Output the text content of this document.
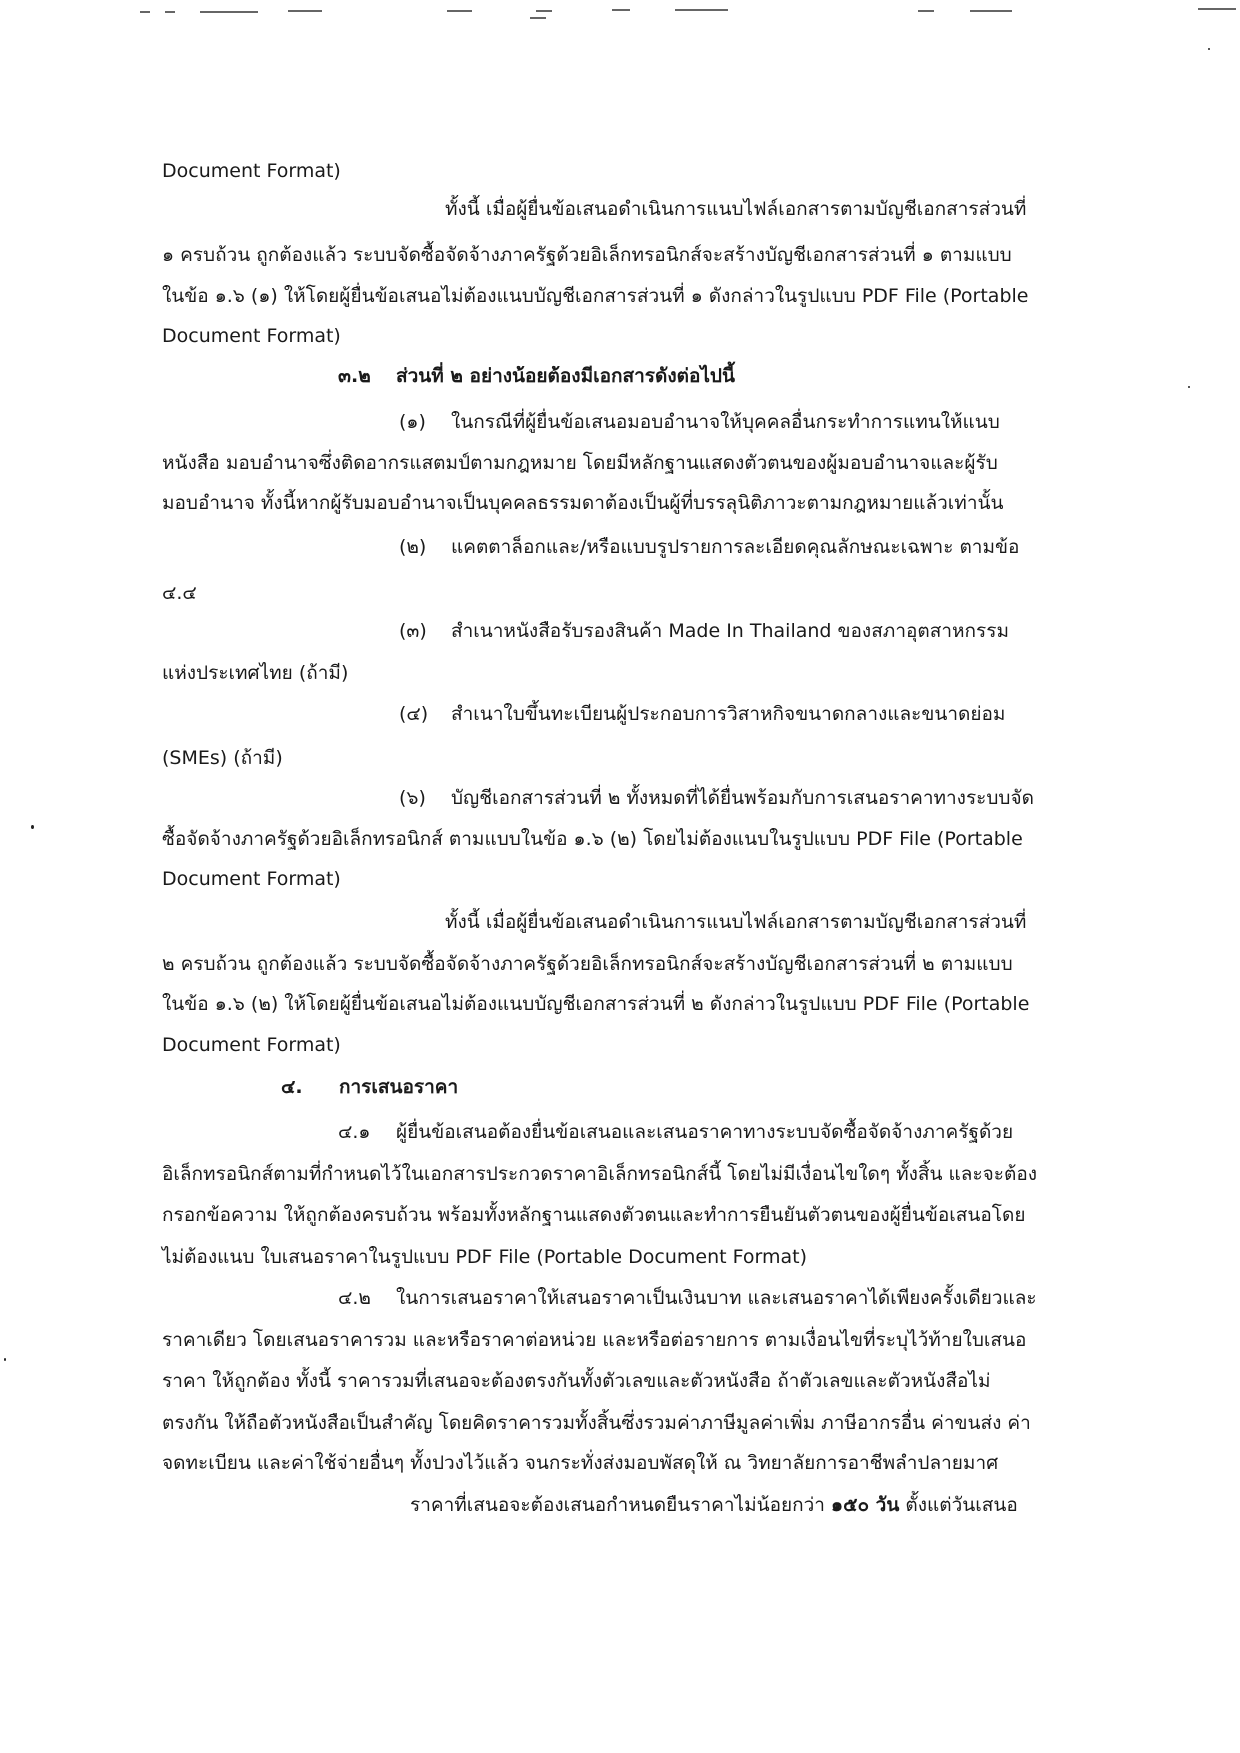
Document Format)
ทั้งนี้ เมื่อผู้ยื่นข้อเสนอดำเนินการแนบไฟล์เอกสารตามบัญชีเอกสารส่วนที่
๑ ครบถ้วน ถูกต้องแล้ว ระบบจัดซื้อจัดจ้างภาครัฐด้วยอิเล็กทรอนิกส์จะสร้างบัญชีเอกสารส่วนที่ ๑ ตามแบบ
ในข้อ ๑.๖ (๑) ให้โดยผู้ยื่นข้อเสนอไม่ต้องแนบบัญชีเอกสารส่วนที่ ๑ ดังกล่าวในรูปแบบ PDF File (Portable
Document Format)
๓.๒ ส่วนที่ ๒ อย่างน้อยต้องมีเอกสารดังต่อไปนี้
(๑) ในกรณีที่ผู้ยื่นข้อเสนอมอบอำนาจให้บุคคลอื่นกระทำการแทนให้แนบ
หนังสือ มอบอำนาจซึ่งติดอากรแสตมป์ตามกฎหมาย โดยมีหลักฐานแสดงตัวตนของผู้มอบอำนาจและผู้รับ
มอบอำนาจ ทั้งนี้หากผู้รับมอบอำนาจเป็นบุคคลธรรมดาต้องเป็นผู้ที่บรรลุนิติภาวะตามกฎหมายแล้วเท่านั้น
(๒) แคตตาล็อกและ/หรือแบบรูปรายการละเอียดคุณลักษณะเฉพาะ ตามข้อ
๔.๔
(๓) สำเนาหนังสือรับรองสินค้า Made In Thailand ของสภาอุตสาหกรรม
แห่งประเทศไทย (ถ้ามี)
(๔) สำเนาใบขึ้นทะเบียนผู้ประกอบการวิสาหกิจขนาดกลางและขนาดย่อม
(SMEs) (ถ้ามี)
(๖) บัญชีเอกสารส่วนที่ ๒ ทั้งหมดที่ได้ยื่นพร้อมกับการเสนอราคาทางระบบจัด
ซื้อจัดจ้างภาครัฐด้วยอิเล็กทรอนิกส์ ตามแบบในข้อ ๑.๖ (๒) โดยไม่ต้องแนบในรูปแบบ PDF File (Portable
Document Format)
ทั้งนี้ เมื่อผู้ยื่นข้อเสนอดำเนินการแนบไฟล์เอกสารตามบัญชีเอกสารส่วนที่
๒ ครบถ้วน ถูกต้องแล้ว ระบบจัดซื้อจัดจ้างภาครัฐด้วยอิเล็กทรอนิกส์จะสร้างบัญชีเอกสารส่วนที่ ๒ ตามแบบ
ในข้อ ๑.๖ (๒) ให้โดยผู้ยื่นข้อเสนอไม่ต้องแนบบัญชีเอกสารส่วนที่ ๒ ดังกล่าวในรูปแบบ PDF File (Portable
Document Format)
๔. การเสนอราคา
๔.๑ ผู้ยื่นข้อเสนอต้องยื่นข้อเสนอและเสนอราคาทางระบบจัดซื้อจัดจ้างภาครัฐด้วย
อิเล็กทรอนิกส์ตามที่กำหนดไว้ในเอกสารประกวดราคาอิเล็กทรอนิกส์นี้ โดยไม่มีเงื่อนไขใดๆ ทั้งสิ้น และจะต้อง
กรอกข้อความ ให้ถูกต้องครบถ้วน พร้อมทั้งหลักฐานแสดงตัวตนและทำการยืนยันตัวตนของผู้ยื่นข้อเสนอโดย
ไม่ต้องแนบ ใบเสนอราคาในรูปแบบ PDF File (Portable Document Format)
๔.๒ ในการเสนอราคาให้เสนอราคาเป็นเงินบาท และเสนอราคาได้เพียงครั้งเดียวและ
ราคาเดียว โดยเสนอราคารวม และหรือราคาต่อหน่วย และหรือต่อรายการ ตามเงื่อนไขที่ระบุไว้ท้ายใบเสนอ
ราคา ให้ถูกต้อง ทั้งนี้ ราคารวมที่เสนอจะต้องตรงกันทั้งตัวเลขและตัวหนังสือ ถ้าตัวเลขและตัวหนังสือไม่
ตรงกัน ให้ถือตัวหนังสือเป็นสำคัญ โดยคิดราคารวมทั้งสิ้นซึ่งรวมค่าภาษีมูลค่าเพิ่ม ภาษีอากรอื่น ค่าขนส่ง ค่า
จดทะเบียน และค่าใช้จ่ายอื่นๆ ทั้งปวงไว้แล้ว จนกระทั่งส่งมอบพัสดุให้ ณ วิทยาลัยการอาชีพลำปลายมาศ
ราคาที่เสนอจะต้องเสนอกำหนดยืนราคาไม่น้อยกว่า ๑๕๐ วัน ตั้งแต่วันเสนอ
